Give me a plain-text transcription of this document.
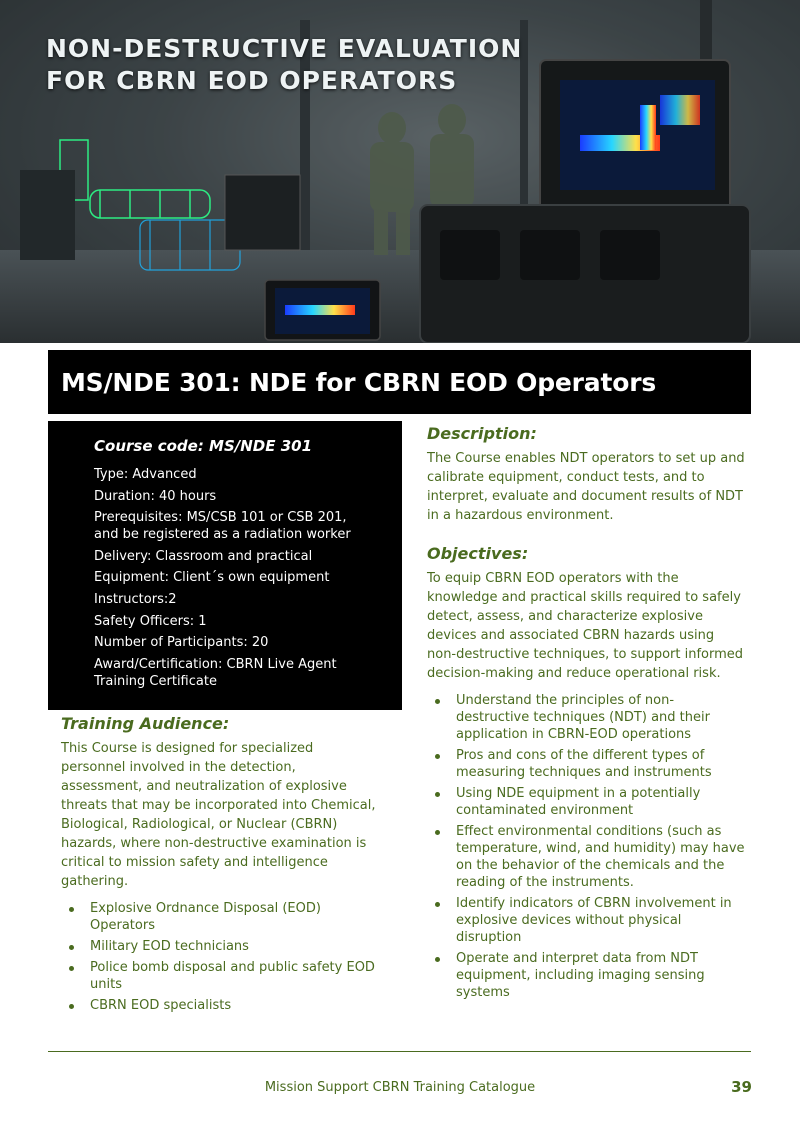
NON-DESTRUCTIVE EVALUATION
FOR CBRN EOD OPERATORS
MS/NDE 301: NDE for CBRN EOD Operators

Course code: MS/NDE 301

Type: Advanced
Duration: 40 hours
Prerequisites: MS/CSB 101 or CSB 201, and be registered as a radiation worker
Delivery: Classroom and practical
Equipment: Client´s own equipment
Instructors:2
Safety Officers: 1
Number of Participants: 20
Award/Certification: CBRN Live Agent Training Certificate
Training Audience:

This Course is designed for specialized personnel involved in the detection, assessment, and neutralization of explosive threats that may be incorporated into Chemical, Biological, Radiological, or Nuclear (CBRN) hazards, where non-destructive examination is critical to mission safety and intelligence gathering.

Explosive Ordnance Disposal (EOD) Operators
Military EOD technicians
Police bomb disposal and public safety EOD units
CBRN EOD specialists
Description:

The Course enables NDT operators to set up and calibrate equipment, conduct tests, and to interpret, evaluate and document results of NDT in a hazardous environment.

Objectives:

To equip CBRN EOD operators with the knowledge and practical skills required to safely detect, assess, and characterize explosive devices and associated CBRN hazards using non-destructive techniques, to support informed decision-making and reduce operational risk.

Understand the principles of non-destructive techniques (NDT) and their application in CBRN-EOD operations
Pros and cons of the different types of measuring techniques and instruments
Using NDE equipment in a potentially contaminated environment
Effect environmental conditions (such as temperature, wind, and humidity) may have on the behavior of the chemicals and the reading of the instruments.
Identify indicators of CBRN involvement in explosive devices without physical disruption
Operate and interpret data from NDT equipment, including imaging sensing systems
Mission Support CBRN Training Catalogue	39
